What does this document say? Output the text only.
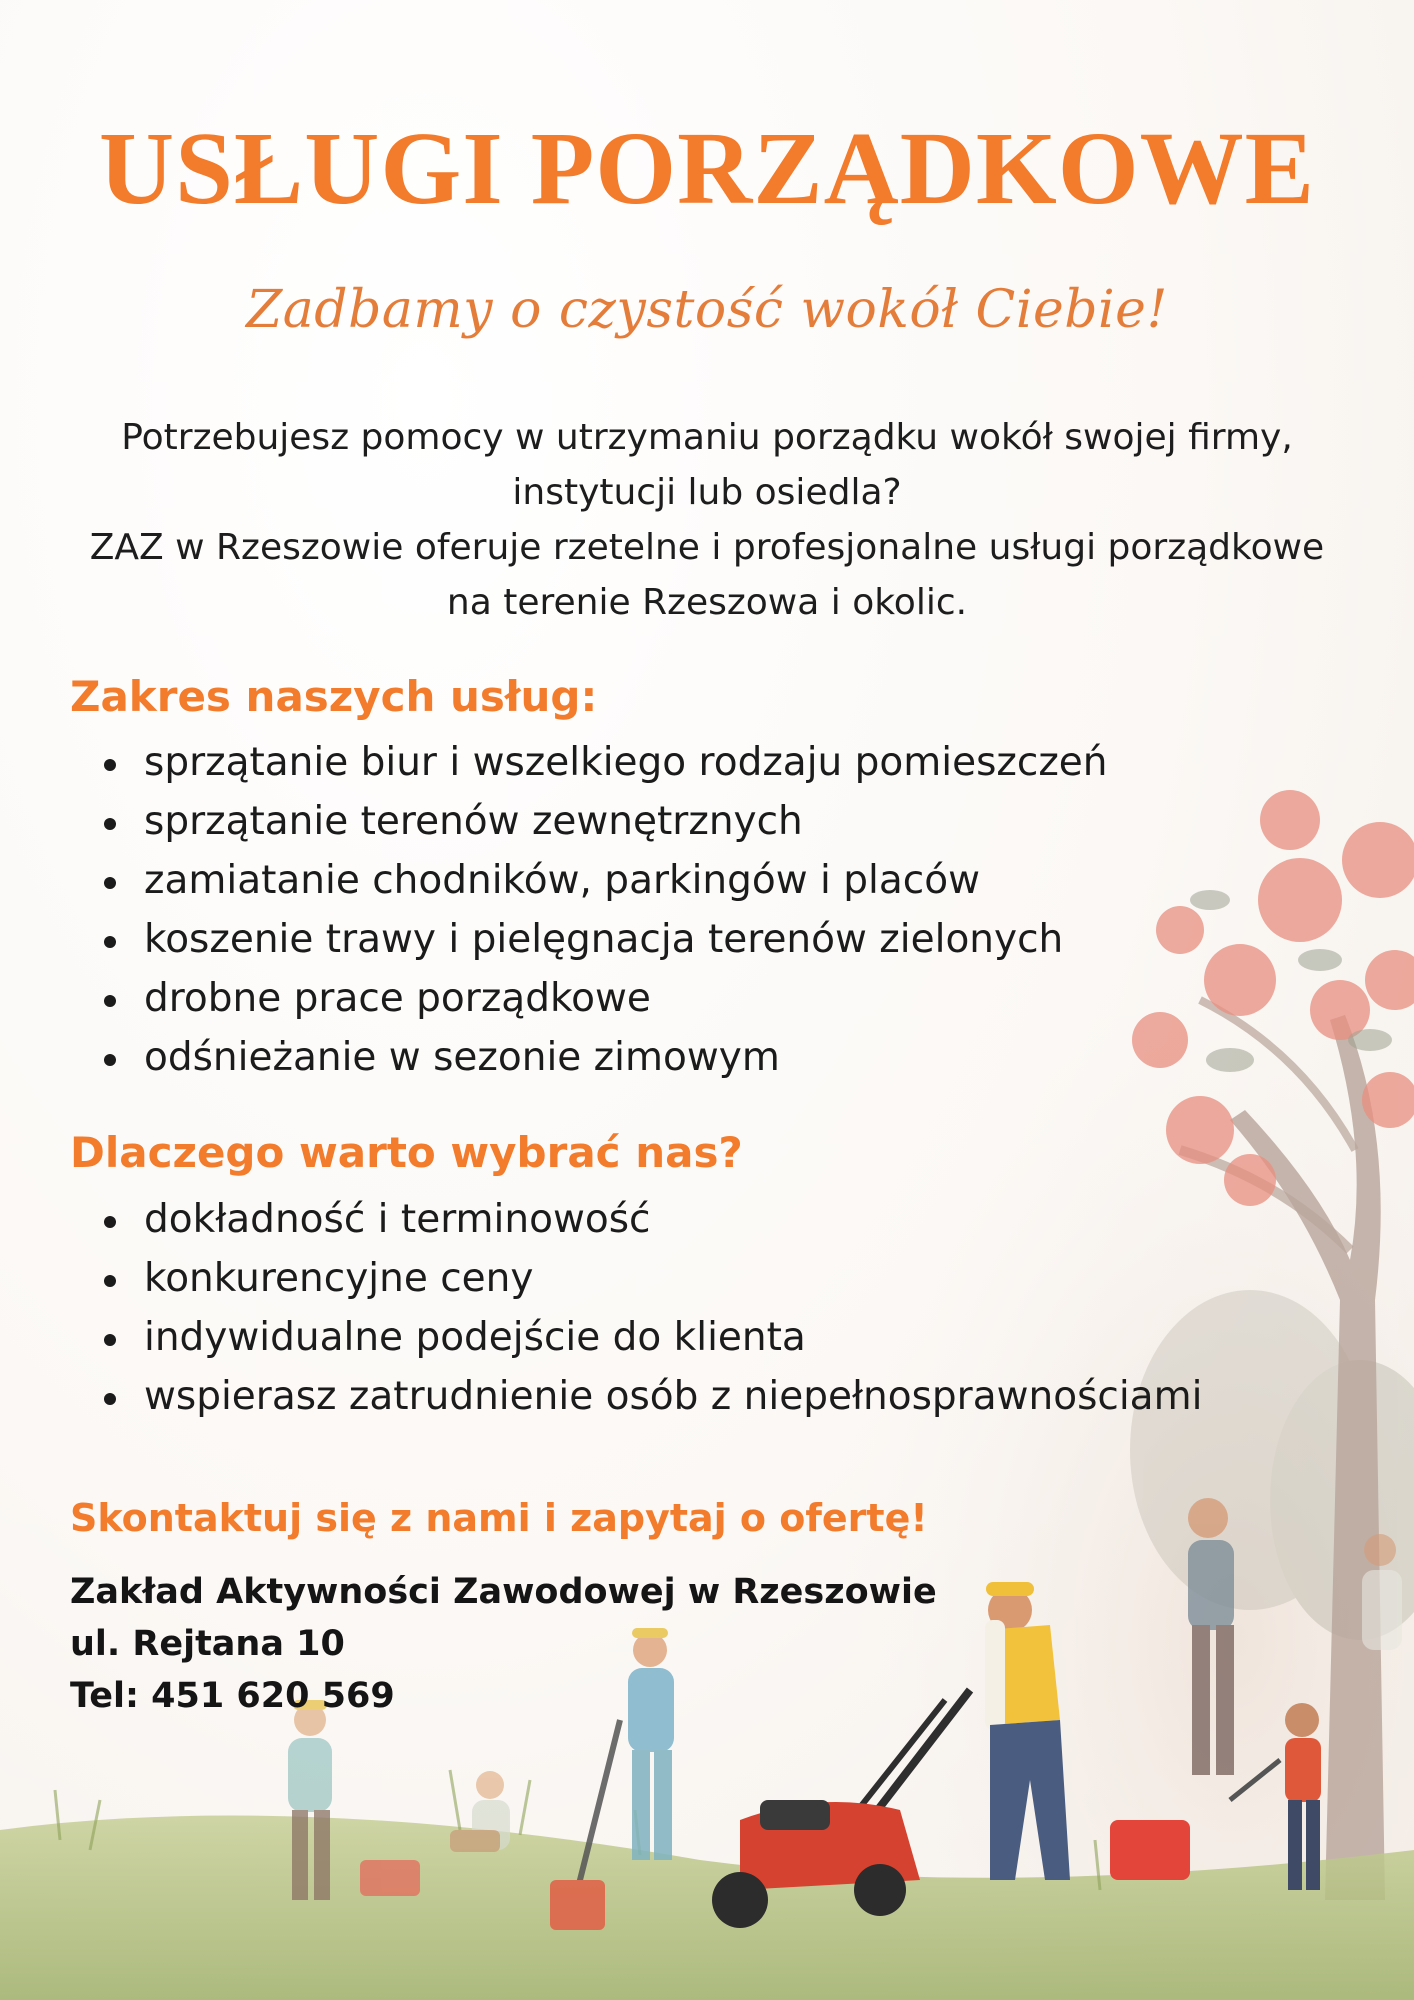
USŁUGI PORZĄDKOWE

Zadbamy o czystość wokół Ciebie!

Potrzebujesz pomocy w utrzymaniu porządku wokół swojej firmy,
instytucji lub osiedla?
ZAZ w Rzeszowie oferuje rzetelne i profesjonalne usługi porządkowe
na terenie Rzeszowa i okolic.

Zakres naszych usług:
sprzątanie biur i wszelkiego rodzaju pomieszczeń
sprzątanie terenów zewnętrznych
zamiatanie chodników, parkingów i placów
koszenie trawy i pielęgnacja terenów zielonych
drobne prace porządkowe
odśnieżanie w sezonie zimowym
Dlaczego warto wybrać nas?
dokładność i terminowość
konkurencyjne ceny
indywidualne podejście do klienta
wspierasz zatrudnienie osób z niepełnosprawnościami
Skontaktuj się z nami i zapytaj o ofertę!

Zakład Aktywności Zawodowej w Rzeszowie
ul. Rejtana 10
Tel: 451 620 569
